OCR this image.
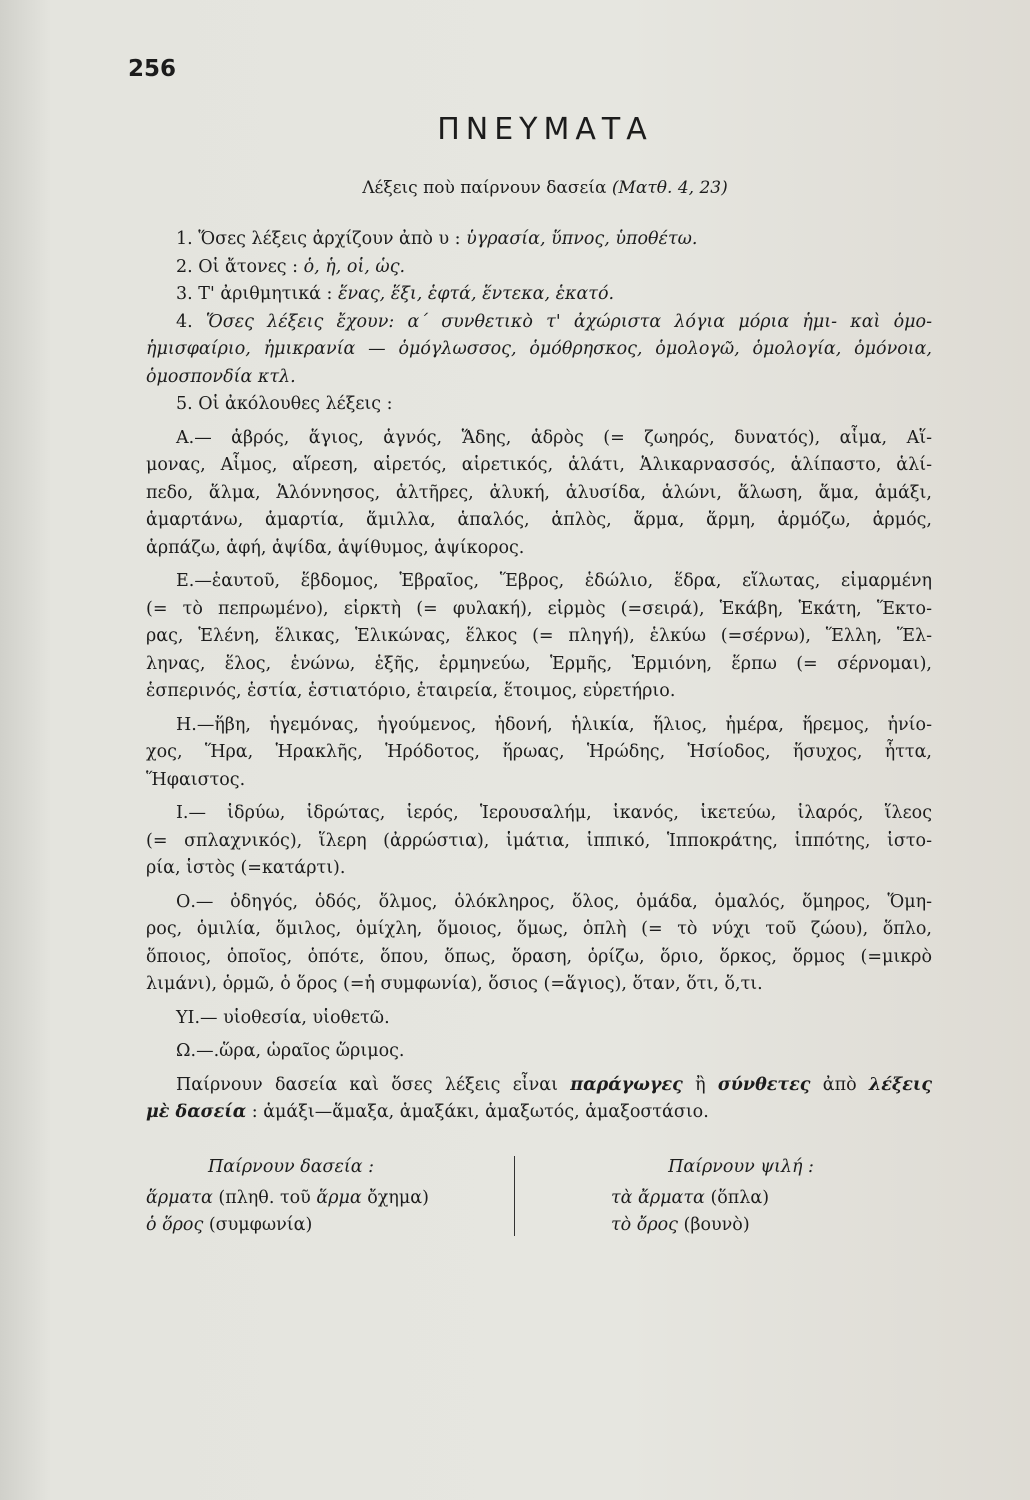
256
ΠΝΕΥΜΑΤΑ
Λέξεις ποὺ παίρνουν δασεία (Ματθ. 4, 23)

1. Ὅσες λέξεις ἀρχίζουν ἀπὸ υ : ὑγρασία, ὕπνος, ὑποθέτω.

2. Οἱ ἄτονες : ὁ, ἡ, οἱ, ὡς.

3. Τ' ἀριθμητικά : ἕνας, ἕξι, ἑφτά, ἕντεκα, ἑκατό.

4. Ὅσες λέξεις ἔχουν: α΄ συνθετικὸ τ' ἀχώριστα λόγια μόρια ἡμι- καὶ ὁμο-

ἡμισφαίριο, ἡμικρανία — ὁμόγλωσσος, ὁμόθρησκος, ὁμολογῶ, ὁμολογία, ὁμόνοια,

ὁμοσπονδία κτλ.

5. Οἱ ἀκόλουθες λέξεις :

Α.— ἁβρός, ἅγιος, ἁγνός, Ἅδης, ἁδρὸς (= ζωηρός, δυνατός), αἷμα, Αἵ-

μονας, Αἷμος, αἵρεση, αἱρετός, αἱρετικός, ἁλάτι, Ἁλικαρνασσός, ἁλίπαστο, ἁλί-

πεδο, ἅλμα, Ἁλόννησος, ἁλτῆρες, ἁλυκή, ἁλυσίδα, ἁλώνι, ἅλωση, ἅμα, ἁμάξι,

ἁμαρτάνω, ἁμαρτία, ἅμιλλα, ἁπαλός, ἁπλὸς, ἅρμα, ἅρμη, ἁρμόζω, ἁρμός,

ἁρπάζω, ἁφή, ἁψίδα, ἁψίθυμος, ἁψίκορος.

Ε.—ἑαυτοῦ, ἕβδομος, Ἑβραῖος, Ἕβρος, ἑδώλιο, ἕδρα, εἵλωτας, εἱμαρμένη

(= τὸ πεπρωμένο), εἱρκτὴ (= φυλακή), εἱρμὸς (=σειρά), Ἑκάβη, Ἑκάτη, Ἕκτο-

ρας, Ἑλένη, ἕλικας, Ἑλικώνας, ἕλκος (= πληγή), ἑλκύω (=σέρνω), Ἕλλη, Ἕλ-

ληνας, ἕλος, ἑνώνω, ἑξῆς, ἑρμηνεύω, Ἑρμῆς, Ἑρμιόνη, ἕρπω (= σέρνομαι),

ἑσπερινός, ἑστία, ἑστιατόριο, ἑταιρεία, ἕτοιμος, εὑρετήριο.

Η.—ἥβη, ἡγεμόνας, ἡγούμενος, ἡδονή, ἡλικία, ἥλιος, ἡμέρα, ἥρεμος, ἡνίο-

χος, Ἥρα, Ἡρακλῆς, Ἡρόδοτος, ἥρωας, Ἡρώδης, Ἡσίοδος, ἥσυχος, ἧττα,

Ἥφαιστος.

Ι.— ἱδρύω, ἱδρώτας, ἱερός, Ἱερουσαλήμ, ἱκανός, ἱκετεύω, ἱλαρός, ἵλεος

(= σπλαχνικός), ἵλερη (ἀρρώστια), ἱμάτια, ἱππικό, Ἱπποκράτης, ἱππότης, ἱστο-

ρία, ἱστὸς (=κατάρτι).

Ο.— ὁδηγός, ὁδός, ὅλμος, ὁλόκληρος, ὅλος, ὁμάδα, ὁμαλός, ὅμηρος, Ὅμη-

ρος, ὁμιλία, ὅμιλος, ὁμίχλη, ὅμοιος, ὅμως, ὁπλὴ (= τὸ νύχι τοῦ ζώου), ὅπλο,

ὅποιος, ὁποῖος, ὁπότε, ὅπου, ὅπως, ὅραση, ὁρίζω, ὅριο, ὅρκος, ὅρμος (=μικρὸ

λιμάνι), ὁρμῶ, ὁ ὅρος (=ἡ συμφωνία), ὅσιος (=ἅγιος), ὅταν, ὅτι, ὅ,τι.

ΥΙ.— υἱοθεσία, υἱοθετῶ.

Ω.—.ὥρα, ὡραῖος ὥριμος.

Παίρνουν δασεία καὶ ὅσες λέξεις εἶναι παράγωγες ἢ σύνθετες ἀπὸ λέξεις

μὲ δασεία : ἁμάξι—ἅμαξα, ἁμαξάκι, ἁμαξωτός, ἁμαξοστάσιο.

Παίρνουν δασεία :
ἅρματα (πληθ. τοῦ ἅρμα ὄχημα)
ὁ ὅρος (συμφωνία)
Παίρνουν ψιλή :
τὰ ἄρματα (ὅπλα)
τὸ ὄρος (βουνὸ)
